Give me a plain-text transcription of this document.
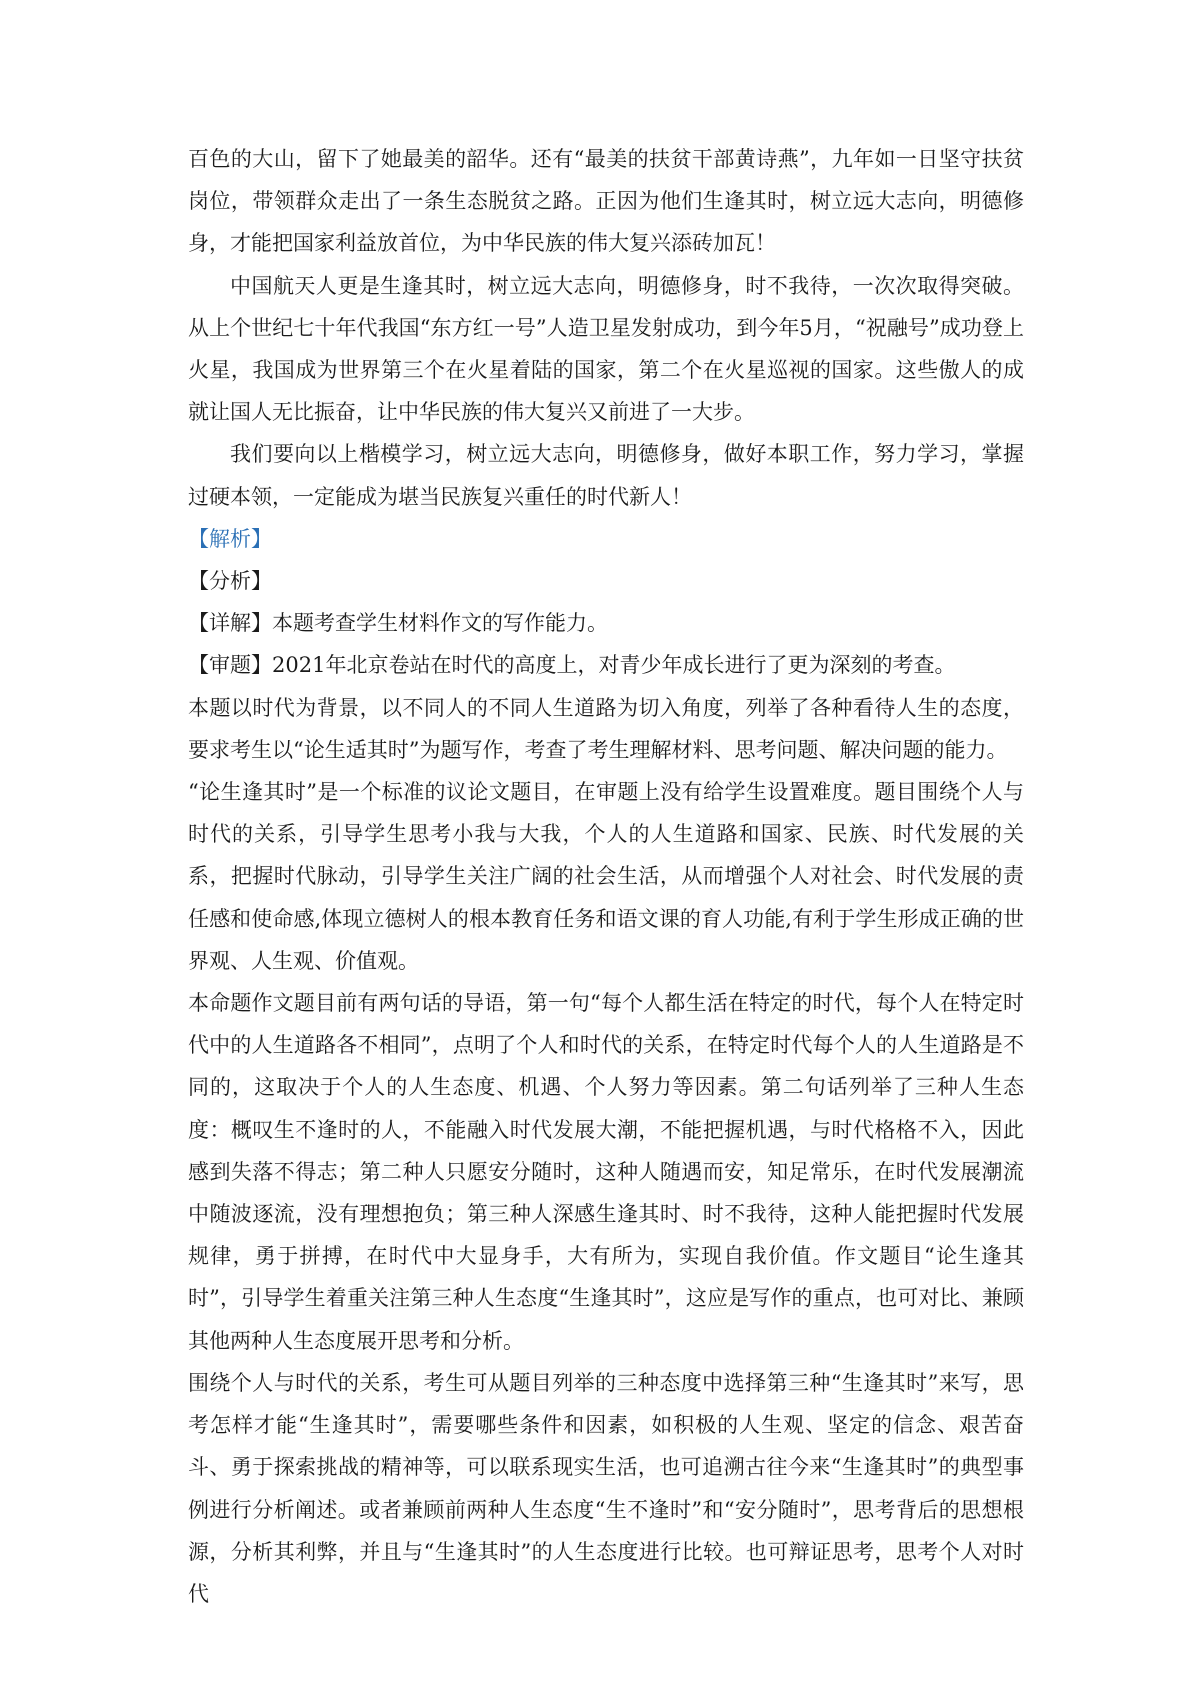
百色的大山，留下了她最美的韶华。还有“最美的扶贫干部黄诗燕”，九年如一日坚守扶贫岗位，带领群众走出了一条生态脱贫之路。正因为他们生逢其时，树立远大志向，明德修身，才能把国家利益放首位，为中华民族的伟大复兴添砖加瓦！

中国航天人更是生逢其时，树立远大志向，明德修身，时不我待，一次次取得突破。从上个世纪七十年代我国“东方红一号”人造卫星发射成功，到今年5月，“祝融号”成功登上火星，我国成为世界第三个在火星着陆的国家，第二个在火星巡视的国家。这些傲人的成就让国人无比振奋，让中华民族的伟大复兴又前进了一大步。

我们要向以上楷模学习，树立远大志向，明德修身，做好本职工作，努力学习，掌握过硬本领，一定能成为堪当民族复兴重任的时代新人！

【解析】

【分析】

【详解】本题考查学生材料作文的写作能力。

【审题】2021年北京卷站在时代的高度上，对青少年成长进行了更为深刻的考查。

本题以时代为背景，以不同人的不同人生道路为切入角度，列举了各种看待人生的态度，要求考生以“论生适其时”为题写作，考查了考生理解材料、思考问题、解决问题的能力。

“论生逢其时”是一个标准的议论文题目，在审题上没有给学生设置难度。题目围绕个人与时代的关系，引导学生思考小我与大我，个人的人生道路和国家、民族、时代发展的关系，把握时代脉动，引导学生关注广阔的社会生活，从而增强个人对社会、时代发展的责任感和使命感,体现立德树人的根本教育任务和语文课的育人功能,有利于学生形成正确的世界观、人生观、价值观。

本命题作文题目前有两句话的导语，第一句“每个人都生活在特定的时代，每个人在特定时代中的人生道路各不相同”，点明了个人和时代的关系，在特定时代每个人的人生道路是不同的，这取决于个人的人生态度、机遇、个人努力等因素。第二句话列举了三种人生态度：概叹生不逢时的人，不能融入时代发展大潮，不能把握机遇，与时代格格不入，因此感到失落不得志；第二种人只愿安分随时，这种人随遇而安，知足常乐，在时代发展潮流中随波逐流，没有理想抱负；第三种人深感生逢其时、时不我待，这种人能把握时代发展规律，勇于拼搏，在时代中大显身手，大有所为，实现自我价值。作文题目“论生逢其时”，引导学生着重关注第三种人生态度“生逢其时”，这应是写作的重点，也可对比、兼顾其他两种人生态度展开思考和分析。

围绕个人与时代的关系，考生可从题目列举的三种态度中选择第三种“生逢其时”来写，思考怎样才能“生逢其时”，需要哪些条件和因素，如积极的人生观、坚定的信念、艰苦奋斗、勇于探索挑战的精神等，可以联系现实生活，也可追溯古往今来“生逢其时”的典型事例进行分析阐述。或者兼顾前两种人生态度“生不逢时”和“安分随时”，思考背后的思想根源，分析其利弊，并且与“生逢其时”的人生态度进行比较。也可辩证思考，思考个人对时代
